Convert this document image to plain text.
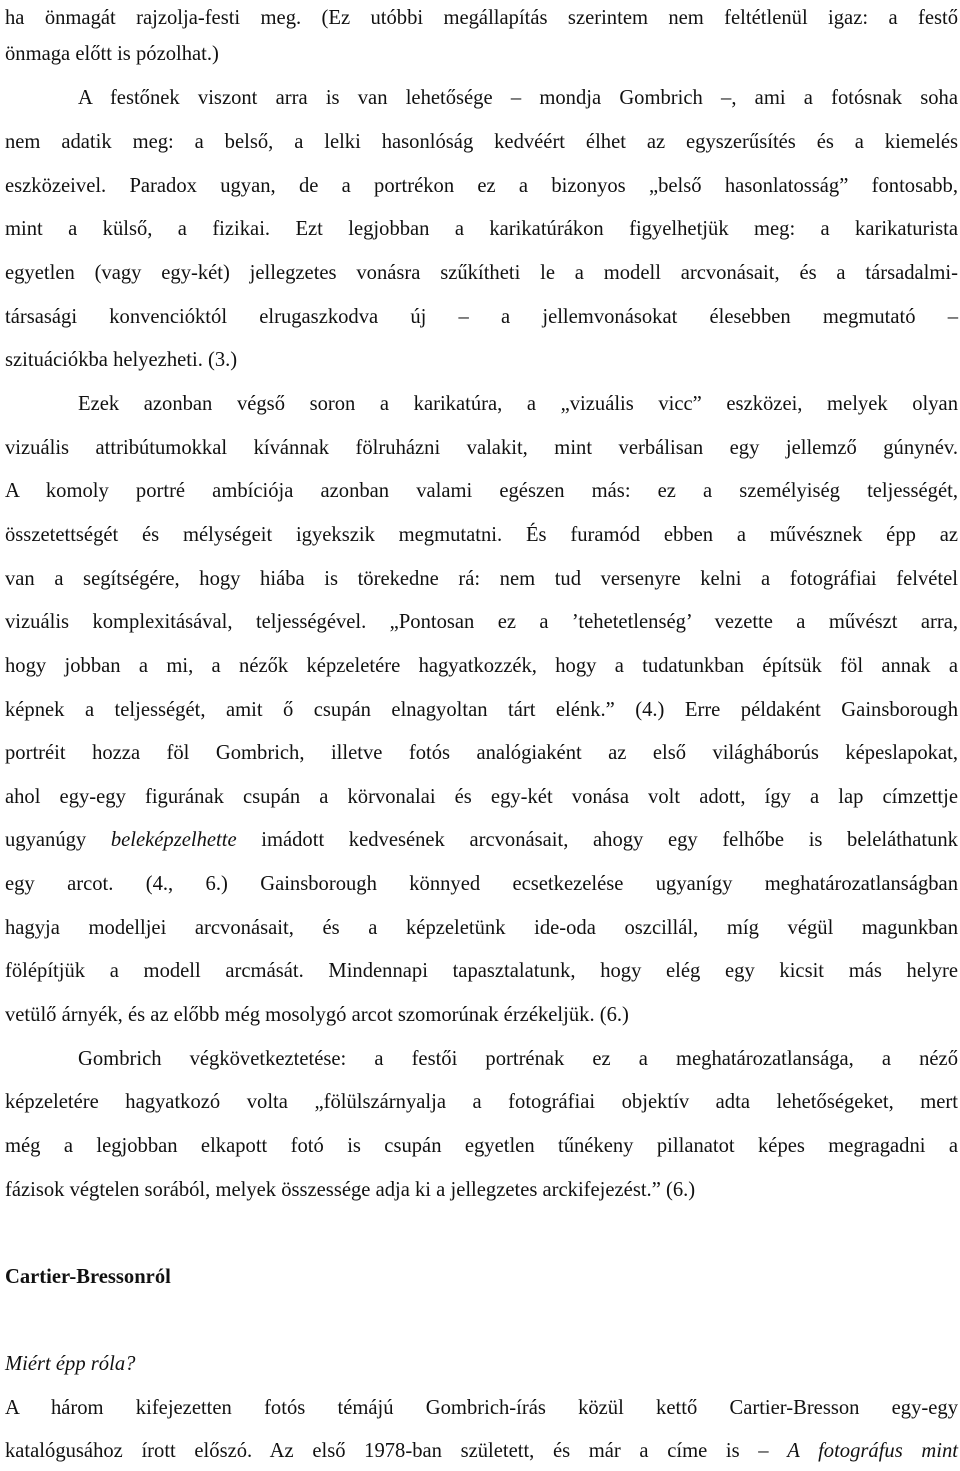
ha önmagát rajzolja-festi meg. (Ez utóbbi megállapítás szerintem nem feltétlenül igaz: a festő
önmaga előtt is pózolhat.)
A festőnek viszont arra is van lehetősége – mondja Gombrich –, ami a fotósnak soha
nem adatik meg: a belső, a lelki hasonlóság kedvéért élhet az egyszerűsítés és a kiemelés
eszközeivel. Paradox ugyan, de a portrékon ez a bizonyos „belső hasonlatosság” fontosabb,
mint a külső, a fizikai. Ezt legjobban a karikatúrákon figyelhetjük meg: a karikaturista
egyetlen (vagy egy-két) jellegzetes vonásra szűkítheti le a modell arcvonásait, és a társadalmi-
társasági konvencióktól elrugaszkodva új – a jellemvonásokat élesebben megmutató –
szituációkba helyezheti. (3.)
Ezek azonban végső soron a karikatúra, a „vizuális vicc” eszközei, melyek olyan
vizuális attribútumokkal kívánnak fölruházni valakit, mint verbálisan egy jellemző gúnynév.
A komoly portré ambíciója azonban valami egészen más: ez a személyiség teljességét,
összetettségét és mélységeit igyekszik megmutatni. És furamód ebben a művésznek épp az
van a segítségére, hogy hiába is törekedne rá: nem tud versenyre kelni a fotográfiai felvétel
vizuális komplexitásával, teljességével. „Pontosan ez a ’tehetetlenség’ vezette a művészt arra,
hogy jobban a mi, a nézők képzeletére hagyatkozzék, hogy a tudatunkban építsük föl annak a
képnek a teljességét, amit ő csupán elnagyoltan tárt elénk.” (4.) Erre példaként Gainsborough
portréit hozza föl Gombrich, illetve fotós analógiaként az első világháborús képeslapokat,
ahol egy-egy figurának csupán a körvonalai és egy-két vonása volt adott, így a lap címzettje
ugyanúgy beleképzelhette imádott kedvesének arcvonásait, ahogy egy felhőbe is beleláthatunk
egy arcot. (4., 6.) Gainsborough könnyed ecsetkezelése ugyanígy meghatározatlanságban
hagyja modelljei arcvonásait, és a képzeletünk ide-oda oszcillál, míg végül magunkban
fölépítjük a modell arcmását. Mindennapi tapasztalatunk, hogy elég egy kicsit más helyre
vetülő árnyék, és az előbb még mosolygó arcot szomorúnak érzékeljük. (6.)
Gombrich végkövetkeztetése: a festői portrénak ez a meghatározatlansága, a néző
képzeletére hagyatkozó volta „fölülszárnyalja a fotográfiai objektív adta lehetőségeket, mert
még a legjobban elkapott fotó is csupán egyetlen tűnékeny pillanatot képes megragadni a
fázisok végtelen sorából, melyek összessége adja ki a jellegzetes arckifejezést.” (6.)
Cartier-Bressonról
Miért épp róla?
A három kifejezetten fotós témájú Gombrich-írás közül kettő Cartier-Bresson egy-egy
katalógusához írott előszó. Az első 1978-ban született, és már a címe is – A fotográfus mint
